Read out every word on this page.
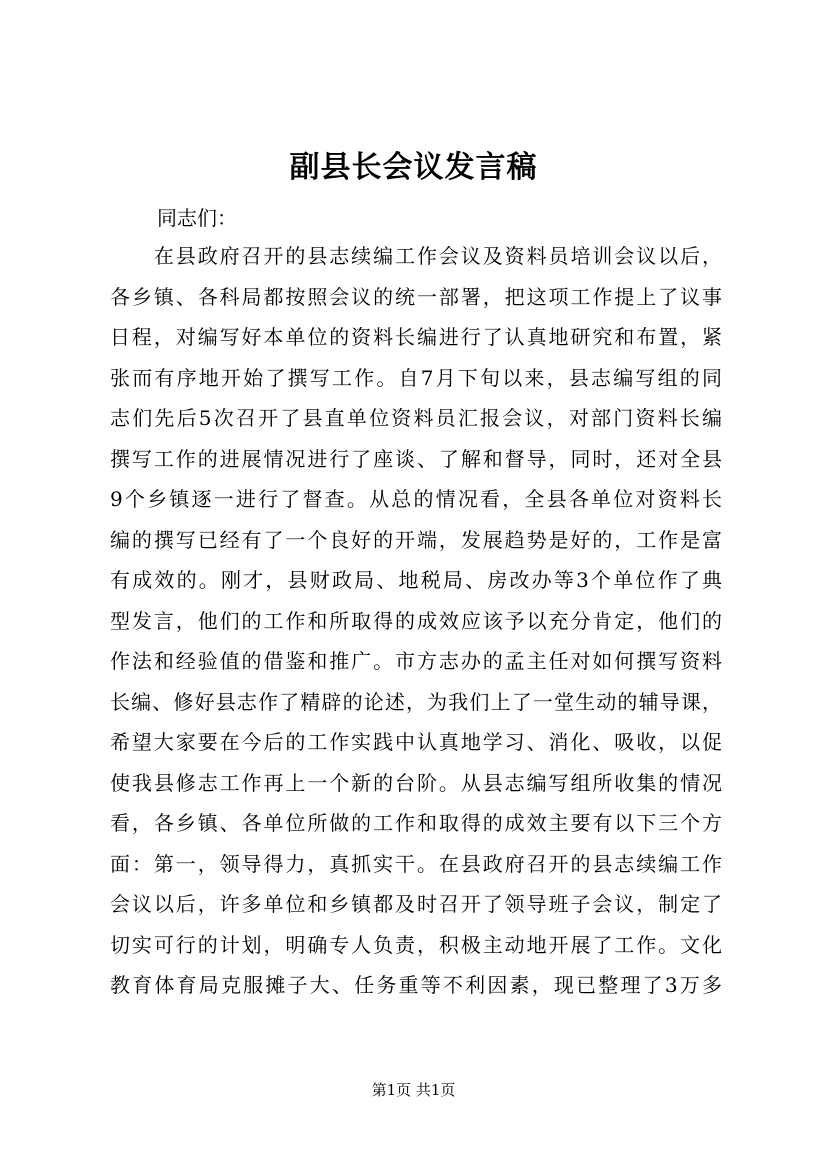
副县长会议发言稿
同志们：
　　在县政府召开的县志续编工作会议及资料员培训会议以后，
各乡镇、各科局都按照会议的统一部署，把这项工作提上了议事
日程，对编写好本单位的资料长编进行了认真地研究和布置，紧
张而有序地开始了撰写工作。自7月下旬以来，县志编写组的同
志们先后5次召开了县直单位资料员汇报会议，对部门资料长编
撰写工作的进展情况进行了座谈、了解和督导，同时，还对全县
9个乡镇逐一进行了督查。从总的情况看，全县各单位对资料长
编的撰写已经有了一个良好的开端，发展趋势是好的，工作是富
有成效的。刚才，县财政局、地税局、房改办等3个单位作了典
型发言，他们的工作和所取得的成效应该予以充分肯定，他们的
作法和经验值的借鉴和推广。市方志办的孟主任对如何撰写资料
长编、修好县志作了精辟的论述，为我们上了一堂生动的辅导课，
希望大家要在今后的工作实践中认真地学习、消化、吸收，以促
使我县修志工作再上一个新的台阶。从县志编写组所收集的情况
看，各乡镇、各单位所做的工作和取得的成效主要有以下三个方
面：第一，领导得力，真抓实干。在县政府召开的县志续编工作
会议以后，许多单位和乡镇都及时召开了领导班子会议，制定了
切实可行的计划，明确专人负责，积极主动地开展了工作。文化
教育体育局克服摊子大、任务重等不利因素，现已整理了3万多
第1页 共1页
